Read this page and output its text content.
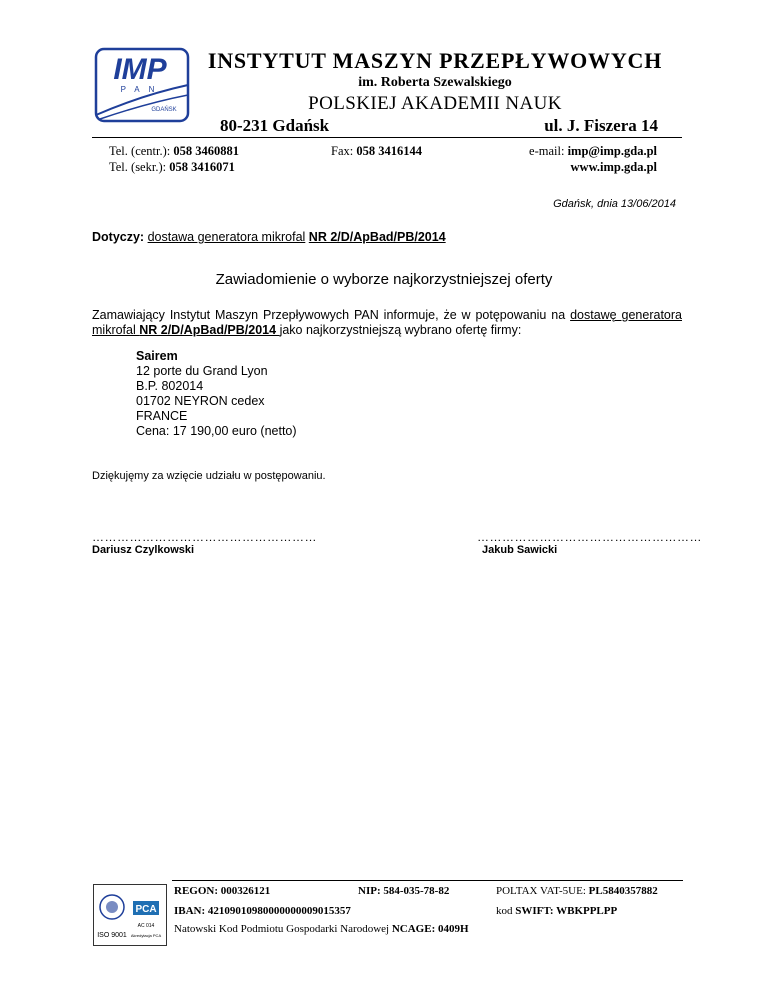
IMP
PAN
GDAŃSK
INSTYTUT MASZYN PRZEPŁYWOWYCH
im. Roberta Szewalskiego
POLSKIEJ AKADEMII NAUK
80-231 Gdańsk	ul. J. Fiszera 14
Tel. (centr.): 058 3460881
Tel. (sekr.): 058 3416071
Fax: 058 3416144	e-mail: imp@imp.gda.pl
www.imp.gda.pl
Gdańsk, dnia 13/06/2014
Dotyczy: dostawa generatora mikrofal NR 2/D/ApBad/PB/2014
Zawiadomienie o wyborze najkorzystniejszej oferty
Zamawiający Instytut Maszyn Przepływowych PAN informuje, że w potępowaniu na dostawę generatora mikrofal NR 2/D/ApBad/PB/2014 jako najkorzystniejszą wybrano ofertę firmy:
Sairem
12 porte du Grand Lyon
B.P. 802014
01702 NEYRON cedex
FRANCE
Cena: 17 190,00 euro (netto)
Dziękujęmy za wzięcie udziału w postępowaniu.
………………………………………………
Dariusz Czylkowski
………………………………………………
Jakub Sawicki
PCA
AC 014
Akredytacja PCA
ISO 9001
REGON: 000326121	NIP: 584-035-78-82	POLTAX VAT-5UE: PL5840357882
IBAN: 42109010980000000009015357	kod SWIFT: WBKPPLPP
Natowski Kod Podmiotu Gospodarki Narodowej NCAGE: 0409H
